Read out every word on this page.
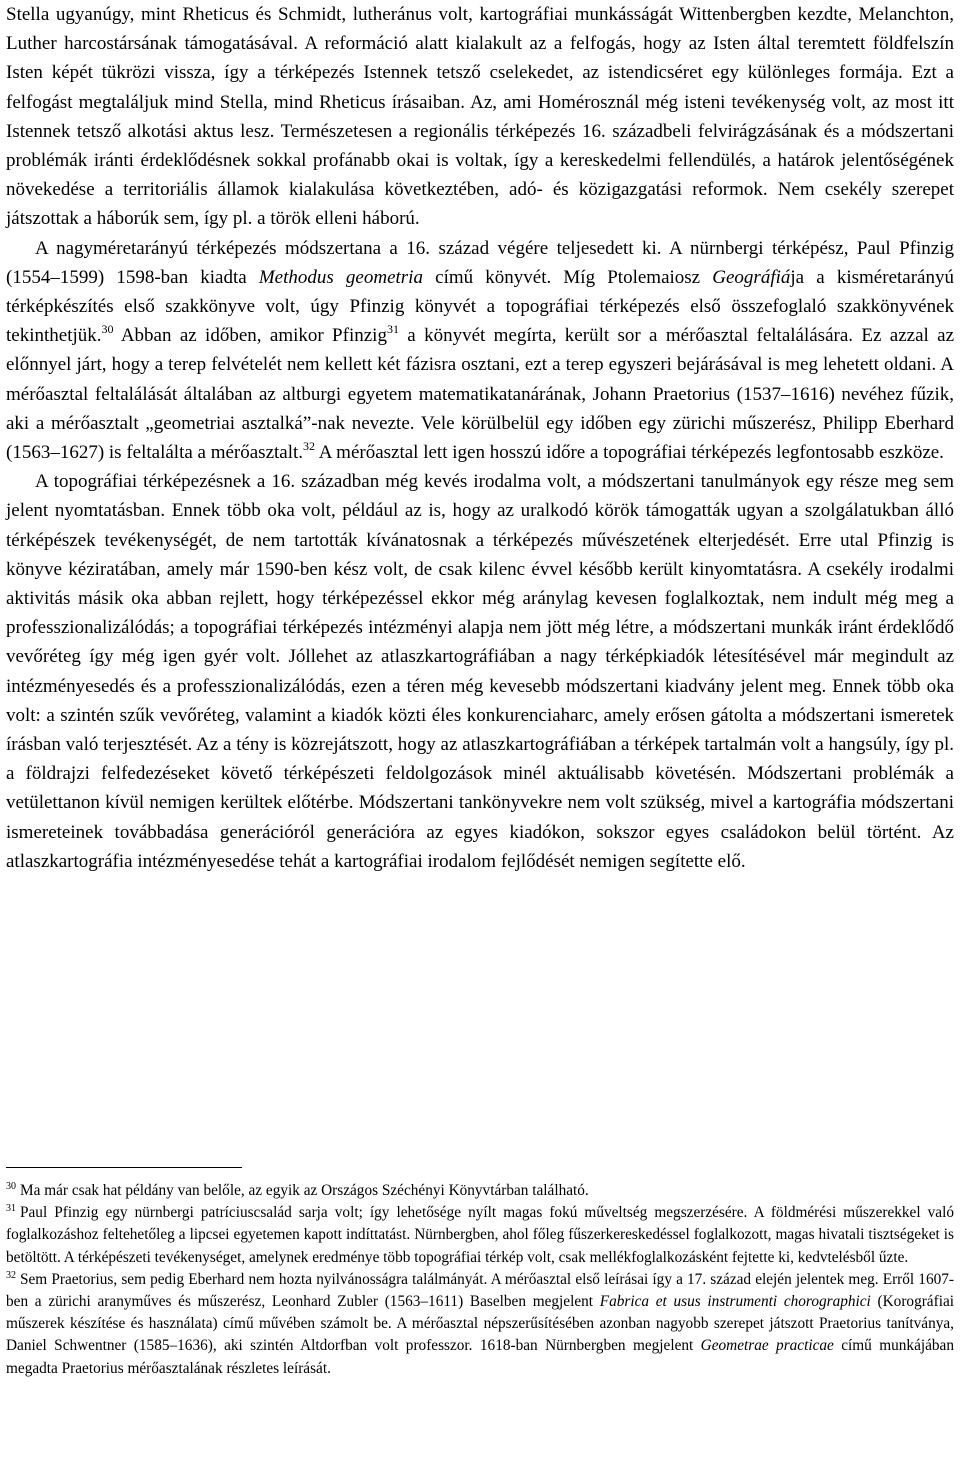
Stella ugyanúgy, mint Rheticus és Schmidt, lutheránus volt, kartográfiai munkásságát Wittenbergben kezdte, Melanchton, Luther harcostársának támogatásával. A reformáció alatt kialakult az a felfogás, hogy az Isten által teremtett földfelszín Isten képét tükrözi vissza, így a térképezés Istennek tetsző cselekedet, az istendicséret egy különleges formája. Ezt a felfogást megtaláljuk mind Stella, mind Rheticus írásaiban. Az, ami Homérosznál még isteni tevékenység volt, az most itt Istennek tetsző alkotási aktus lesz. Természetesen a regionális térképezés 16. századbeli felvirágzásának és a módszertani problémák iránti érdeklődésnek sokkal profánabb okai is voltak, így a kereskedelmi fellendülés, a határok jelentőségének növekedése a territoriális államok kialakulása következtében, adó- és közigazgatási reformok. Nem csekély szerepet játszottak a háborúk sem, így pl. a török elleni háború.

A nagyméretarányú térképezés módszertana a 16. század végére teljesedett ki. A nürnbergi térképész, Paul Pfinzig (1554–1599) 1598-ban kiadta Methodus geometria című könyvét. Míg Ptolemaiosz Geográfiája a kisméretarányú térképkészítés első szakkönyve volt, úgy Pfinzig könyvét a topográfiai térképezés első összefoglaló szakkönyvének tekinthetjük.$^{30}$ Abban az időben, amikor Pfinzig$^{31}$ a könyvét megírta, került sor a mérőasztal feltalálására. Ez azzal az előnnyel járt, hogy a terep felvételét nem kellett két fázisra osztani, ezt a terep egyszeri bejárásával is meg lehetett oldani. A mérőasztal feltalálását általában az altburgi egyetem matematikatanárának, Johann Praetorius (1537–1616) nevéhez fűzik, aki a mérőasztalt „geometriai asztalká”-nak nevezte. Vele körülbelül egy időben egy zürichi műszerész, Philipp Eberhard (1563–1627) is feltalálta a mérőasztalt.$^{32}$ A mérőasztal lett igen hosszú időre a topográfiai térképezés legfontosabb eszköze.

A topográfiai térképezésnek a 16. században még kevés irodalma volt, a módszertani tanulmányok egy része meg sem jelent nyomtatásban. Ennek több oka volt, például az is, hogy az uralkodó körök támogatták ugyan a szolgálatukban álló térképészek tevékenységét, de nem tartották kívánatosnak a térképezés művészetének elterjedését. Erre utal Pfinzig is könyve kéziratában, amely már 1590-ben kész volt, de csak kilenc évvel később került kinyomtatásra. A csekély irodalmi aktivitás másik oka abban rejlett, hogy térképezéssel ekkor még aránylag kevesen foglalkoztak, nem indult még meg a professzionalizálódás; a topográfiai térképezés intézményi alapja nem jött még létre, a módszertani munkák iránt érdeklődő vevőréteg így még igen gyér volt. Jóllehet az atlaszkartográfiában a nagy térképkiadók létesítésével már megindult az intézményesedés és a professzionalizálódás, ezen a téren még kevesebb módszertani kiadvány jelent meg. Ennek több oka volt: a szintén szűk vevőréteg, valamint a kiadók közti éles konkurenciaharc, amely erősen gátolta a módszertani ismeretek írásban való terjesztését. Az a tény is közrejátszott, hogy az atlaszkartográfiában a térképek tartalmán volt a hangsúly, így pl. a földrajzi felfedezéseket követő térképészeti feldolgozások minél aktuálisabb követésén. Módszertani problémák a vetülettanon kívül nemigen kerültek előtérbe. Módszertani tankönyvekre nem volt szükség, mivel a kartográfia módszertani ismereteinek továbbadása generációról generációra az egyes kiadókon, sokszor egyes családokon belül történt. Az atlaszkartográfia intézményesedése tehát a kartográfiai irodalom fejlődését nemigen segítette elő.

$^{30}$ Ma már csak hat példány van belőle, az egyik az Országos Széchényi Könyvtárban található.

$^{31}$ Paul Pfinzig egy nürnbergi patríciuscsalád sarja volt; így lehetősége nyílt magas fokú műveltség megszerzésére. A földmérési műszerekkel való foglalkozáshoz feltehetőleg a lipcsei egyetemen kapott indíttatást. Nürnbergben, ahol főleg fűszerkereskedéssel foglalkozott, magas hivatali tisztségeket is betöltött. A térképészeti tevékenységet, amelynek eredménye több topográfiai térkép volt, csak mellékfoglalkozásként fejtette ki, kedvtelésből űzte.

$^{32}$ Sem Praetorius, sem pedig Eberhard nem hozta nyilvánosságra találmányát. A mérőasztal első leírásai így a 17. század elején jelentek meg. Erről 1607-ben a zürichi aranyműves és műszerész, Leonhard Zubler (1563–1611) Baselben megjelent Fabrica et usus instrumenti chorographici (Korográfiai műszerek készítése és használata) című művében számolt be. A mérőasztal népszerűsítésében azonban nagyobb szerepet játszott Praetorius tanítványa, Daniel Schwentner (1585–1636), aki szintén Altdorfban volt professzor. 1618-ban Nürnbergben megjelent Geometrae practicae című munkájában megadta Praetorius mérőasztalának részletes leírását.
